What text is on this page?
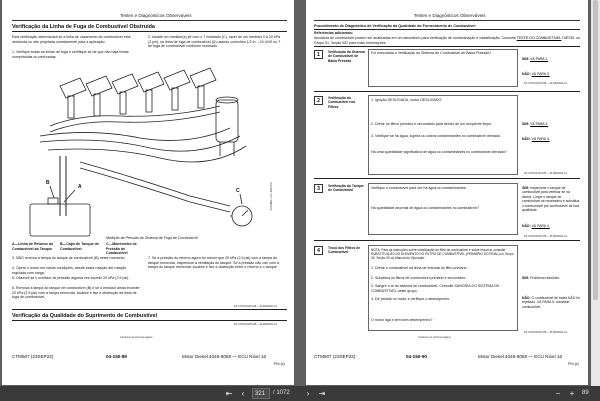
Testes e Diagnósticos Observáveis
Verificação da Linha de Fuga de Combustível Obstruída
Esta verificação determinará se a linha de vazamento de combustível está obstruída ou não projetada corretamente para a aplicação.
1. Verifique todas as linhas de fuga e certifique-se de que não haja linhas comprimidas ou perfuradas.
2. Instale um medidor(s) jet com o T instalado (C), razer de um medidor 0 a 20 kPa (2 psi), na linha de fuga de combustível (A) usando conexões 1/2 in. - 24 UNS no T de fuga de combustível conforme mostrado.
A
B
C	RG40888—UN—08APR11
A—Linha de Retorno do Combustível ao Tanque
B—Caps de Tanque de Combustível
C—Manômetro de Pressão de Combustível
Medição de Pressão do Sistema de Fuga de Combustível
3. NÃO remova a tampa do tanque de combustível (B) neste momento.
4. Opere o motor em várias condições, desde baixa rotação até rotação regulada com carga.
5. Observe se o medidor de pressão alguma vez excede 20 kPa (2,9 psi).
6. Remova a tampa do tanque de combustível (B) e se o medidor ainda exceder 20 kPa (2,9 psi) com a tampa removida, localize e fixe a obstrução da linha de fuga de combustível.
7. Se a pressão do retorno agora for menor que 20 kPa (2,9 psi) com a tampa do tanque removida, inspecione a ventilação do tanque. Se a pressão não cair com a tampa do tanque removida, localize e fixe a obstrução entre o retorno e o tanque.
DX,CONS,ESM,SUB —46-09MAR11-1/1
Verificação da Qualidade do Suprimento de Combustível
DX,CONS,ESM,SUB —46-09MAR11-1/1
Continua na próxima página
CTM607 (23SEP22)	04-150-89	Motor Diesel 4045-6068 — ECU Nível 16
PN=(x)
Testes e Diagnósticos Observáveis
Procedimento de Diagnóstico de Verificação da Qualidade do Fornecimento de Combustível
Referências adicionais:
Amostras de combustível podem ser analisadas em um laboratório para verificação de contaminação e classificação. Consulte TESTE DO COMBUSTÍVEL DIESEL no Grupo 01, Seção 002 para mais informações.
1	Verificação do Sistema de Combustível de Baixa Pressão
Foi executada a Verificação do Sistema de Combustível de Baixa Pressão?
SIM: VÁ PARA 2.
NÃO: VÁ PARA 3.
DX,CONS,ESM,SUB —46-09MAR11-1/1
2	Verificação do Combustível nos Filtros
1. Ignição DESLIGADA, motor DESLIGADO.
2. Drene os filtros primário e secundário para dentro de um recipiente limpo.
3. Verifique se há água, sujeira ou outros contaminantes no combustível drenado.
Há uma quantidade significativa de água ou contaminantes no combustível drenado?
SIM: VÁ PARA 3.
NÃO: VÁ PARA 4.
DX,CONS,ESM,SUB —46-09MAR11-1/1
3	Verificação do Tanque de Combustível
Verifique o combustível para ver há água ou contaminantes.
Há quantidade anormal de água ou contaminantes no combustível?
SIM: Inspecione o tanque de combustível para verificar se há danos. Limpe o tanque de combustível se necessário e substitua o combustível por combustível de boa qualidade.
NÃO: VÁ PARA 4.
DX,CONS,ESM,SUB —46-09MAR11-1/1
4	Troca dos Filtros de Combustível
NOTA: Para as instruções sobre substituição do filtro de combustível e sobre escorva, consulte SUBSTITUIÇÃO DO ELEMENTO DO FILTRO DE COMBUSTÍVEL (PRIMÁRIO DO FINAL) no Grupo 30, Seção 00 do Manual do Operador.
1. Drene o combustível da linha de entrada do filtro primário.
2. Substitua os filtros de combustível primário e secundário.
3. Sangre o ar do sistema de combustível. Consulte SANGRIA DO SISTEMA DE COMBUSTÍVEL neste grupo.
4. Dê partida no motor e verifique o desempenho.
O motor liga e tem bom desempenho?
SIM: Problema resolvido.
NÃO: O combustível de baixa NÃO foi rejeitado. VÁ PARA 5: substituir combustível.
DX,CONS,ESM,SUB —46-09MAR11-1/1
Continua na próxima página
CTM607 (23SEP22)	04-150-90	Motor Diesel 4045-6068 — ECU Nível 16
PN=(x)
⇤	‹	321	/ 1072	›	⇥	−	+	89
